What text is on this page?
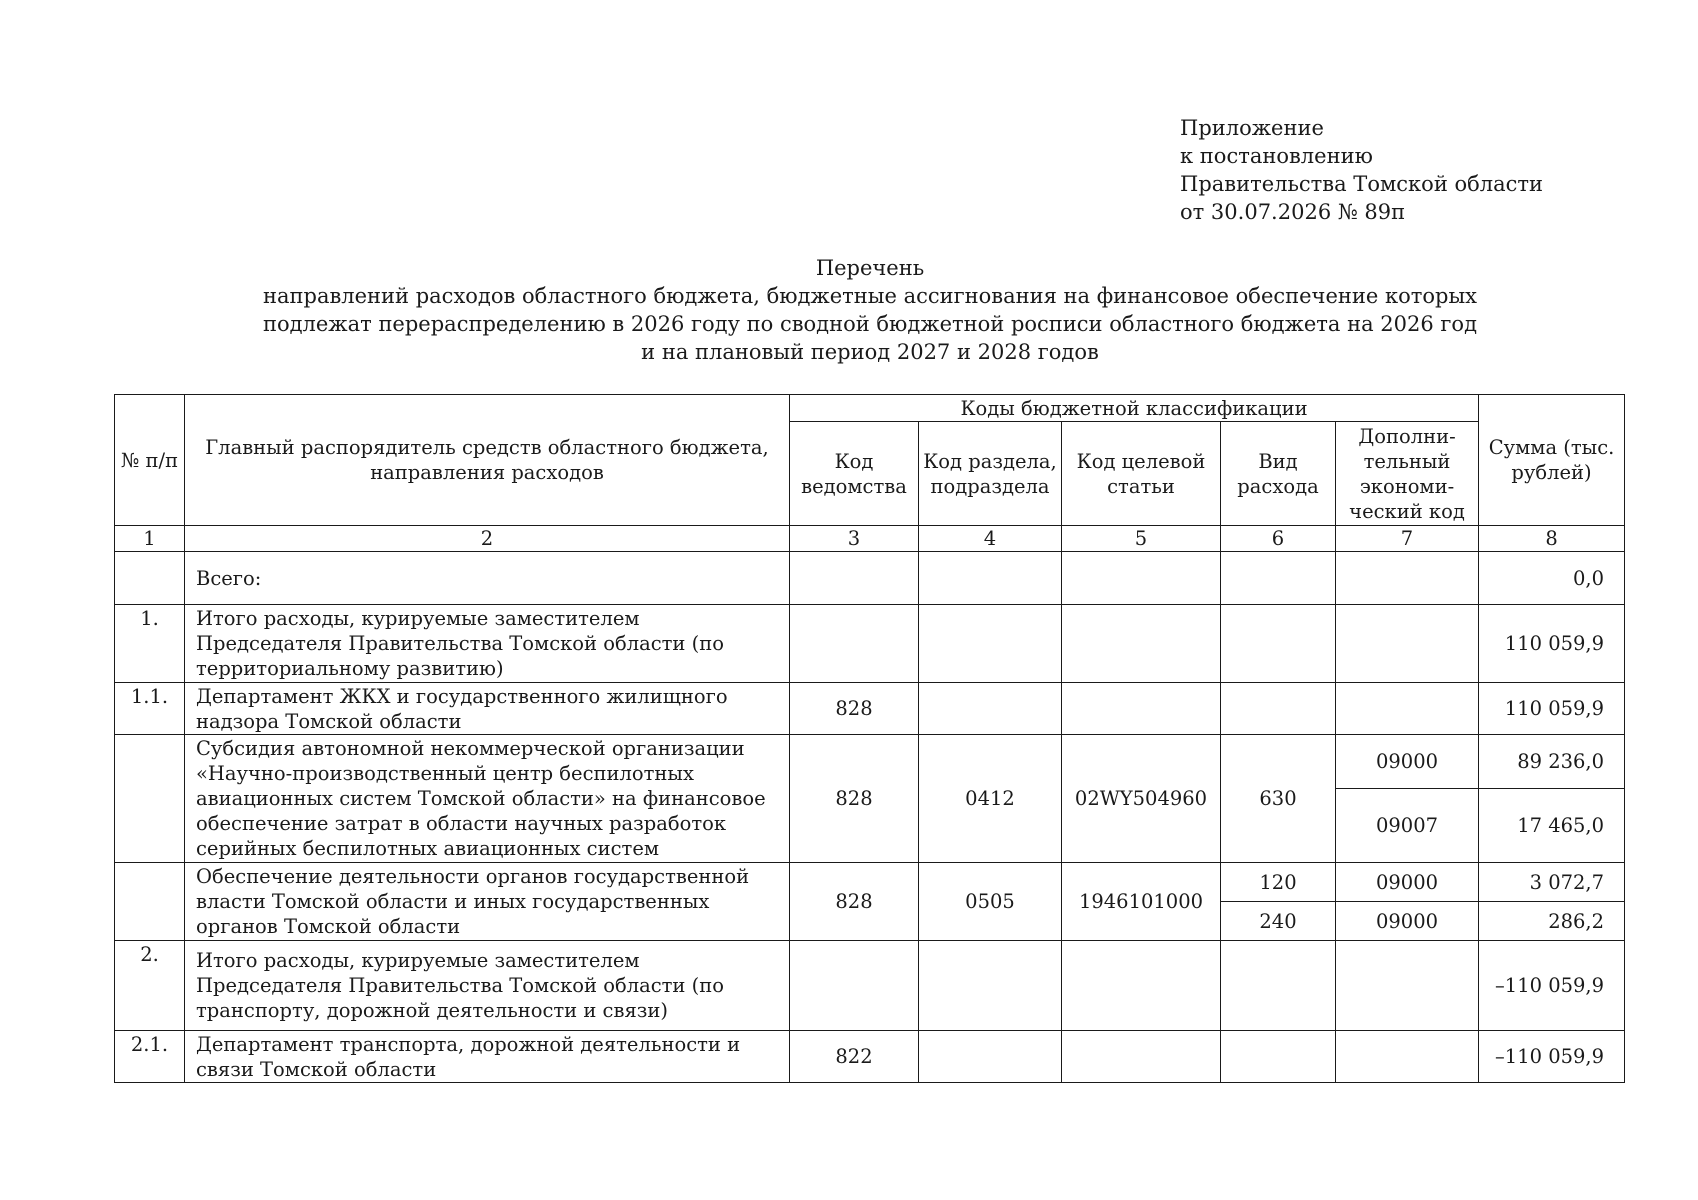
Приложение
к постановлению
Правительства Томской области
от 30.07.2026 № 89п
Перечень
направлений расходов областного бюджета, бюджетные ассигнования на финансовое обеспечение которых
подлежат перераспределению в 2026 году по сводной бюджетной росписи областного бюджета на 2026 год
и на плановый период 2027 и 2028 годов
№ п/п	Главный распорядитель средств областного бюджета, направления расходов	Коды бюджетной классификации					Сумма (тыс. рублей)
		Код ведомства	Код раздела, подраздела	Код целевой статьи	Вид расхода	Дополни-тельный экономи-ческий код	
1	2	3	4	5	6	7	8
	Всего:						0,0
1.	Итого расходы, курируемые заместителем Председателя Правительства Томской области (по территориальному развитию)						110 059,9
1.1.	Департамент ЖКХ и государственного жилищного надзора Томской области	828					110 059,9
	Субсидия автономной некоммерческой организации «Научно-производственный центр беспилотных авиационных систем Томской области» на финансовое обеспечение затрат в области научных разработок серийных беспилотных авиационных систем	828	0412	02WY504960	630	09000	89 236,0
						09007	17 465,0
	Обеспечение деятельности органов государственной власти Томской области и иных государственных органов Томской области	828	0505	1946101000	120	09000	3 072,7
					240	09000	286,2
2.	Итого расходы, курируемые заместителем Председателя Правительства Томской области (по транспорту, дорожной деятельности и связи)						–110 059,9
2.1.	Департамент транспорта, дорожной деятельности и связи Томской области	822					–110 059,9
